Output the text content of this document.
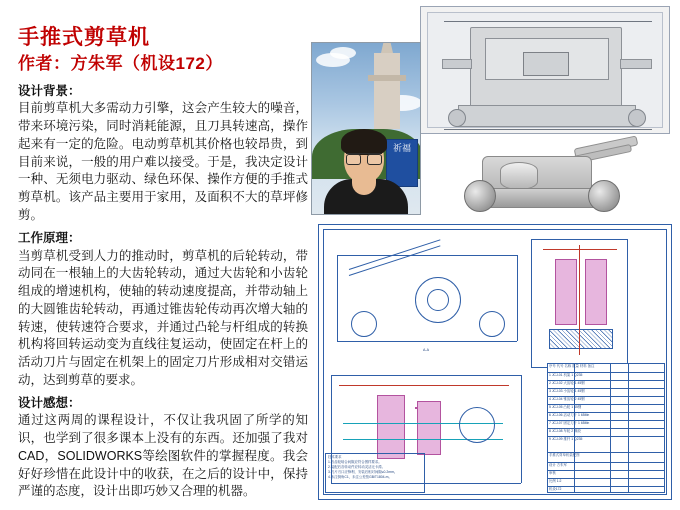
手推式剪草机
作者：方朱军（机设172）
设计背景：
目前剪草机大多需动力引擎，这会产生较大的噪音，带来环境污染，同时消耗能源，且刀具转速高，操作起来有一定的危险。电动剪草机其价格也较昂贵，到目前来说，一般的用户难以接受。于是，我决定设计一种、无须电力驱动、绿色环保、操作方便的手推式剪草机。该产品主要用于家用，及面积不大的草坪修剪。
工作原理：
当剪草机受到人力的推动时，剪草机的后轮转动，带动同在一根轴上的大齿轮转动，通过大齿轮和小齿轮组成的增速机构，使轴的转动速度提高，并带动轴上的大圆锥齿轮转动，再通过锥齿轮传动再次增大轴的转速，使转速符合要求，并通过凸轮与杆组成的转换机构将回转运动变为直线往复运动，使固定在杆上的活动刀片与固定在机架上的固定刀片形成相对交错运动，达到剪草的要求。
设计感想：
通过这两周的课程设计，不仅让我巩固了所学的知识，也学到了很多课本上没有的东西。还加强了我对CAD，SOLIDWORKS等绘图软件的掌握程度。我会好好珍惜在此设计中的收获，在之后的设计中，保持严谨的态度，设计出即巧妙又合理的机器。
祈福
A-A
技术要求
1.各齿轮啮合间隙应符合图样要求。
2.装配后各转动件应转动灵活无卡滞。
3.刀片刃口应锋利，安装后相对间隙≤0.2mm。
4.未注倒角C1，未注公差按GB/T1804-m。
序号 代号 名称 数量 材料 备注
1 JCJ-01 机架 1 Q235
2 JCJ-02 大齿轮 1 45钢
3 JCJ-03 小齿轮 1 45钢
4 JCJ-04 锥齿轮 2 45钢
5 JCJ-05 凸轮 1 45钢
6 JCJ-06 活动刀片 1 65Mn
7 JCJ-07 固定刀片 1 65Mn
8 JCJ-08 车轮 2 橡胶
9 JCJ-09 推杆 1 Q235
手推式剪草机装配图
设计 方朱军
审核
比例 1:2
机设172
